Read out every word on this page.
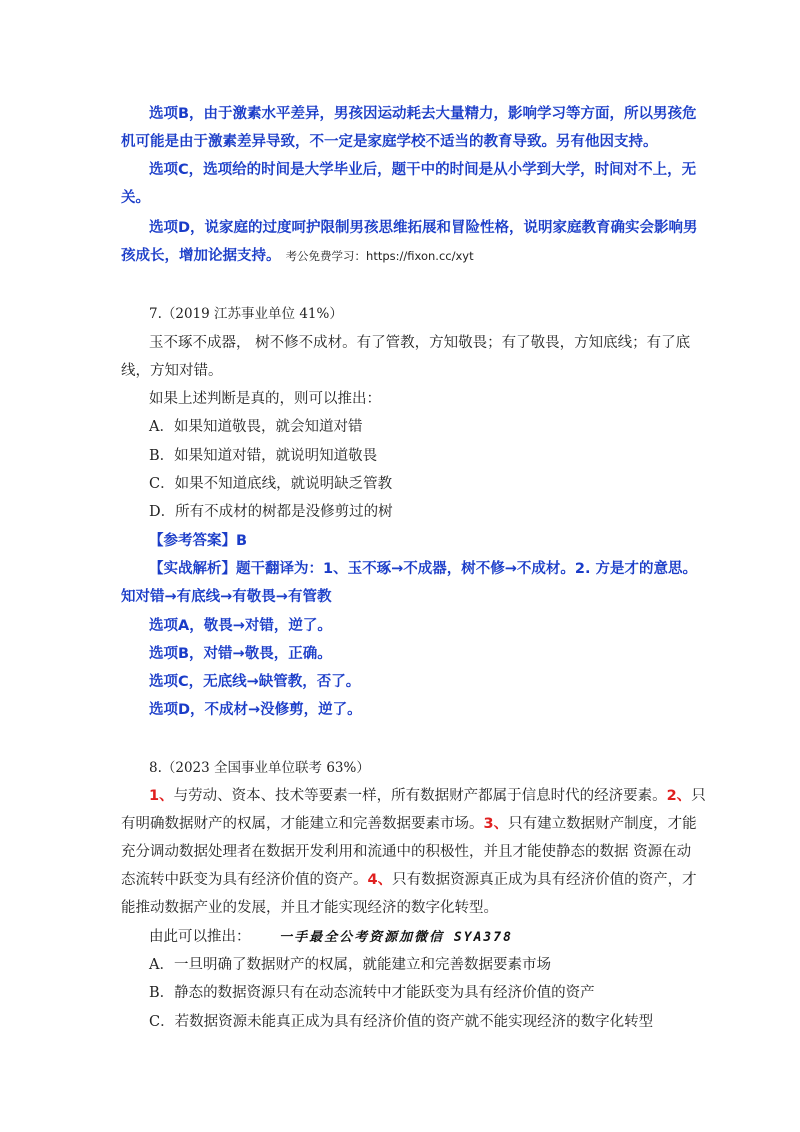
选项B，由于激素水平差异，男孩因运动耗去大量精力，影响学习等方面，所以男孩危
机可能是由于激素差异导致，不一定是家庭学校不适当的教育导致。另有他因支持。
选项C，选项给的时间是大学毕业后，题干中的时间是从小学到大学，时间对不上，无
关。
选项D，说家庭的过度呵护限制男孩思维拓展和冒险性格，说明家庭教育确实会影响男
孩成长，增加论据支持。 考公免费学习：https://fixon.cc/xyt
7.（2019 江苏事业单位 41%）
玉不琢不成器， 树不修不成材。有了管教，方知敬畏；有了敬畏，方知底线；有了底
线，方知对错。
如果上述判断是真的，则可以推出：
A．如果知道敬畏，就会知道对错
B．如果知道对错，就说明知道敬畏
C．如果不知道底线，就说明缺乏管教
D．所有不成材的树都是没修剪过的树
【参考答案】B
【实战解析】题干翻译为：1、玉不琢→不成器，树不修→不成材。2. 方是才的意思。
知对错→有底线→有敬畏→有管教
选项A，敬畏→对错，逆了。
选项B，对错→敬畏，正确。
选项C，无底线→缺管教，否了。
选项D，不成材→没修剪，逆了。
8.（2023 全国事业单位联考 63%）
1、与劳动、资本、技术等要素一样，所有数据财产都属于信息时代的经济要素。2、只
有明确数据财产的权属，才能建立和完善数据要素市场。3、只有建立数据财产制度，才能
充分调动数据处理者在数据开发利用和流通中的积极性，并且才能使静态的数据 资源在动
态流转中跃变为具有经济价值的资产。4、只有数据资源真正成为具有经济价值的资产，才
能推动数据产业的发展，并且才能实现经济的数字化转型。
由此可以推出： 一手最全公考资源加微信 SYA378
A．一旦明确了数据财产的权属，就能建立和完善数据要素市场
B．静态的数据资源只有在动态流转中才能跃变为具有经济价值的资产
C．若数据资源未能真正成为具有经济价值的资产就不能实现经济的数字化转型
